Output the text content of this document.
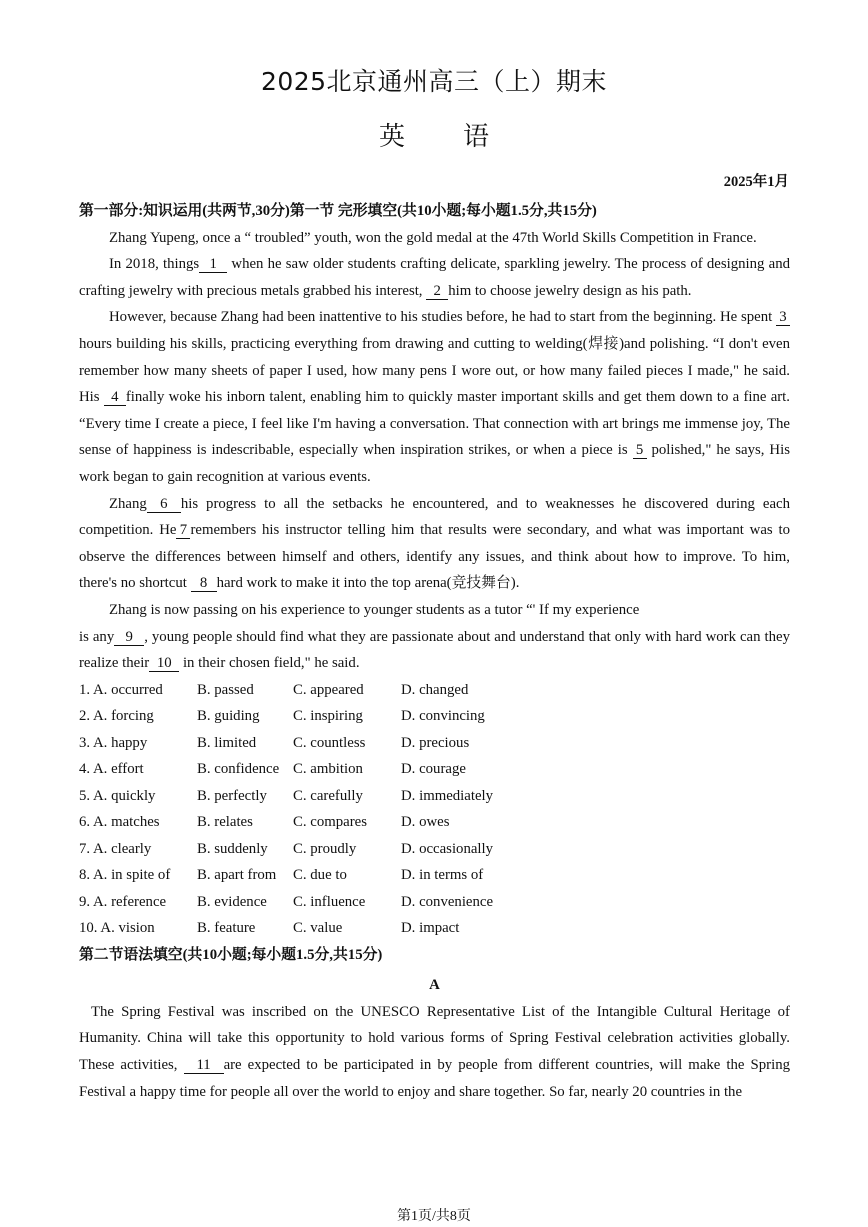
2025北京通州高三（上）期末
英语
2025年1月

第一部分:知识运用(共两节,30分)第一节 完形填空(共10小题;每小题1.5分,共15分)

Zhang Yupeng, once a “ troubled” youth, won the gold medal at the 47th World Skills Competition in France.

In 2018, things 1 when he saw older students crafting delicate, sparkling jewelry. The process of designing and crafting jewelry with precious metals grabbed his interest, 2 him to choose jewelry design as his path.

However, because Zhang had been inattentive to his studies before, he had to start from the beginning. He spent 3hours building his skills, practicing everything from drawing and cutting to welding(焊接)and polishing. “I don't even remember how many sheets of paper I used, how many pens I wore out, or how many failed pieces I made," he said. His 4 finally woke his inborn talent, enabling him to quickly master important skills and get them down to a fine art. “Every time I create a piece, I feel like I'm having a conversation. That connection with art brings me immense joy, The sense of happiness is indescribable, especially when inspiration strikes, or when a piece is 5 polished," he says, His work began to gain recognition at various events.

Zhang 6 his progress to all the setbacks he encountered, and to weaknesses he discovered during each competition. He 7 remembers his instructor telling him that results were secondary, and what was important was to observe the differences between himself and others, identify any issues, and think about how to improve. To him, there's no shortcut 8 hard work to make it into the top arena(竞技舞台).

Zhang is now passing on his experience to younger students as a tutor “' If my experience

is any 9 , young people should find what they are passionate about and understand that only with hard work can they realize their 10 in their chosen field," he said.

1. A. occurred	B. passed	C. appeared	D. changed
2. A. forcing	B. guiding	C. inspiring	D. convincing
3. A. happy	B. limited	C. countless	D. precious
4. A. effort	B. confidence C. ambition	D. courage
5. A. quickly	B. perfectly	C. carefully	D. immediately
6. A. matches	B. relates	C. compares	D. owes
7. A. clearly	B. suddenly	C. proudly	D. occasionally
8. A. in spite of	B. apart from	C. due to	D. in terms of
9. A. reference	B. evidence	C. influence	D. convenience
10. A. vision	B. feature	C. value	D. impact

第二节语法填空(共10小题;每小题1.5分,共15分)

A

The Spring Festival was inscribed on the UNESCO Representative List of the Intangible Cultural Heritage of Humanity. China will take this opportunity to hold various forms of Spring Festival celebration activities globally. These activities, 11 are expected to be participated in by people from different countries, will make the Spring Festival a happy time for people all over the world to enjoy and share together. So far, nearly 20 countries in the

第1页/共8页
